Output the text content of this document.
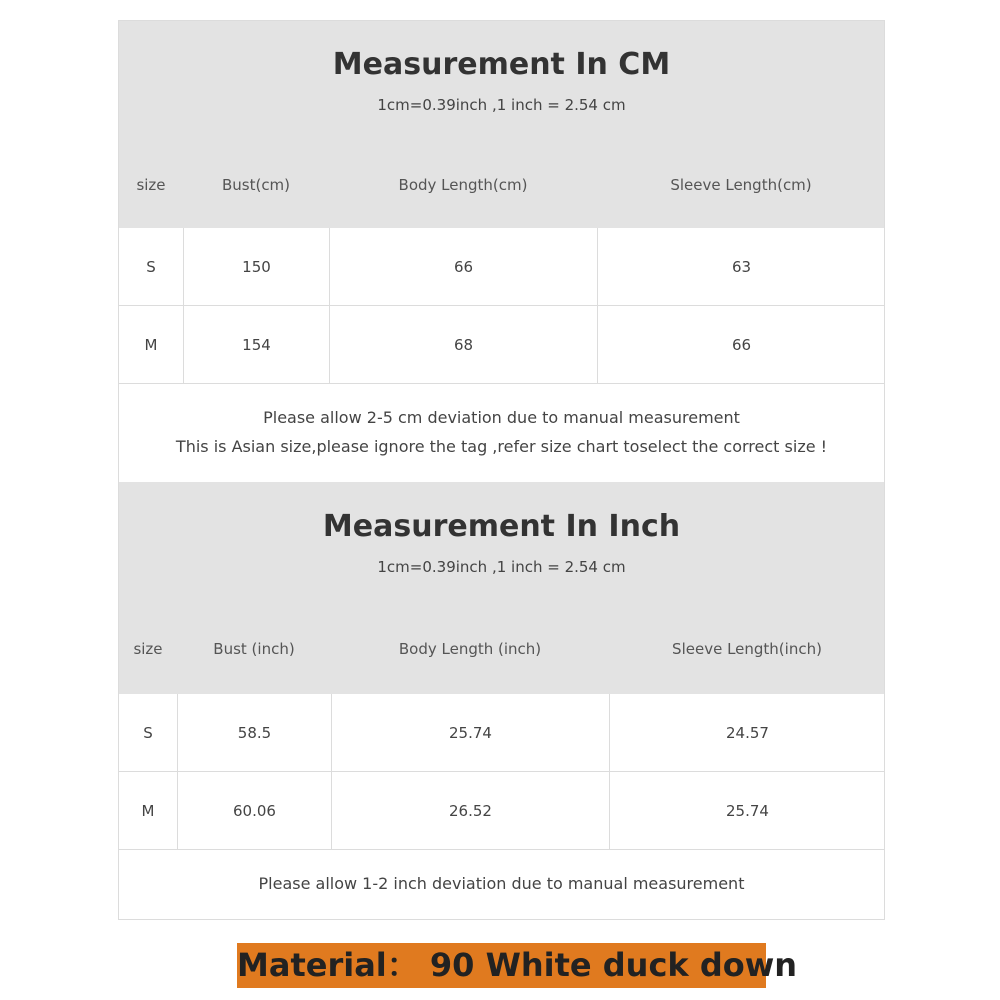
Measurement In CM
1cm=0.39inch ,1 inch = 2.54 cm
size	Bust(cm)	Body Length(cm)	Sleeve Length(cm)
S	150	66	63
M	154	68	66
Please allow 2-5 cm deviation due to manual measurement
This is Asian size,please ignore the tag ,refer size chart toselect the correct size !
Measurement In Inch
1cm=0.39inch ,1 inch = 2.54 cm
size	Bust (inch)	Body Length (inch)	Sleeve Length(inch)
S	58.5	25.74	24.57
M	60.06	26.52	25.74
Please allow 1-2 inch deviation due to manual measurement
Material： 90 White duck down
